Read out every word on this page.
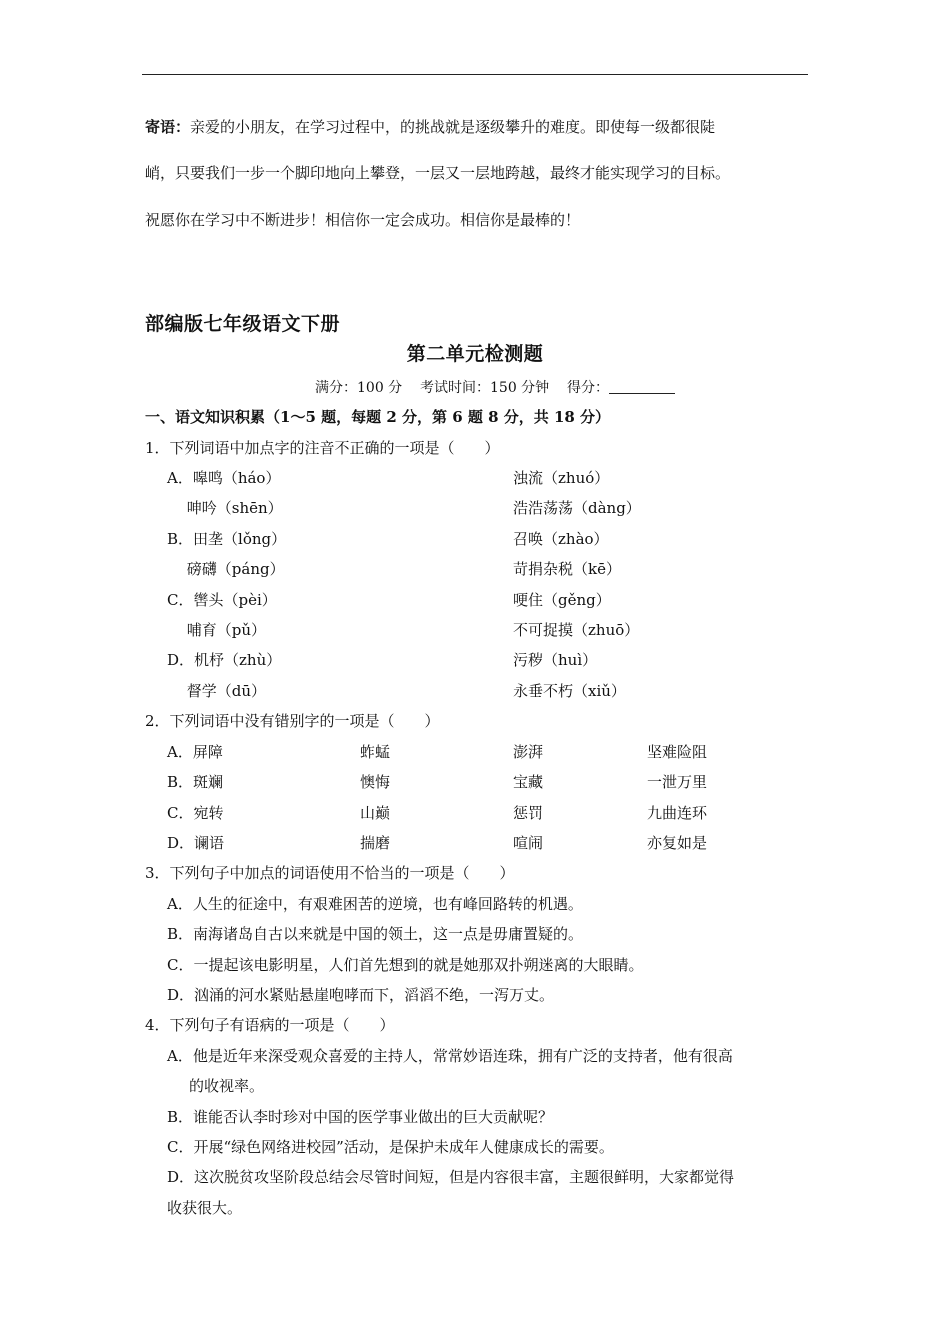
寄语：亲爱的小朋友，在学习过程中，的挑战就是逐级攀升的难度。即使每一级都很陡
峭，只要我们一步一个脚印地向上攀登，一层又一层地跨越，最终才能实现学习的目标。
祝愿你在学习中不断进步！相信你一定会成功。相信你是最棒的！
部编版七年级语文下册
第二单元检测题
满分：100 分 考试时间：150 分钟 得分：
一、语文知识积累（1～5 题，每题 2 分，第 6 题 8 分，共 18 分）
1．下列词语中加点字的注音不正确的一项是（　　）
A．嗥鸣（háo）	浊流（zhuó）
　 呻吟（shēn）	浩浩荡荡（dàng）
B．田垄（lǒng）	召唤（zhào）
　 磅礴（páng）	苛捐杂税（kē）
C．辔头（pèi）	哽住（gěng）
　 哺育（pǔ）	不可捉摸（zhuō）
D．机杼（zhù）	污秽（huì）
　 督学（dū）	永垂不朽（xiǔ）
2．下列词语中没有错别字的一项是（　　）
A．屏障	蚱蜢	澎湃	坚难险阻
B．斑斓	懊悔	宝藏	一泄万里
C．宛转	山巅	惩罚	九曲连环
D．谰语	揣磨	喧闹	亦复如是
3．下列句子中加点的词语使用不恰当的一项是（　　）
A．人生的征途中，有艰难困苦的逆境，也有峰回路转的机遇。
B．南海诸岛自古以来就是中国的领土，这一点是毋庸置疑的。
C．一提起该电影明星，人们首先想到的就是她那双扑朔迷离的大眼睛。
D．汹涌的河水紧贴悬崖咆哮而下，滔滔不绝，一泻万丈。
4．下列句子有语病的一项是（　　）
A．他是近年来深受观众喜爱的主持人，常常妙语连珠，拥有广泛的支持者，他有很高
的收视率。
B．谁能否认李时珍对中国的医学事业做出的巨大贡献呢？
C．开展“绿色网络进校园”活动，是保护未成年人健康成长的需要。
D．这次脱贫攻坚阶段总结会尽管时间短，但是内容很丰富，主题很鲜明，大家都觉得
收获很大。
